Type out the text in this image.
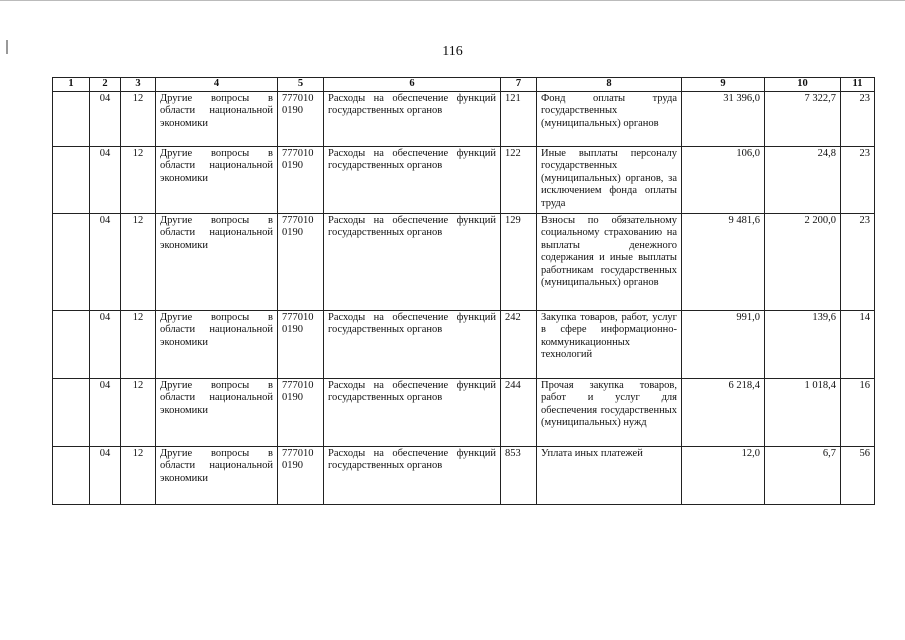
116
1	2	3	4	5	6	7	8	9	10	11
	04	12	Другие вопросы в области национальной экономики	777010 0190	Расходы на обеспечение функций государственных органов	121	Фонд оплаты труда государственных (муниципальных) органов	31 396,0	7 322,7	23
	04	12	Другие вопросы в области национальной экономики	777010 0190	Расходы на обеспечение функций государственных органов	122	Иные выплаты персоналу государственных (муниципальных) органов, за исключением фонда оплаты труда	106,0	24,8	23
	04	12	Другие вопросы в области национальной экономики	777010 0190	Расходы на обеспечение функций государственных органов	129	Взносы по обязательному социальному страхованию на выплаты денежного содержания и иные выплаты работникам государственных (муниципальных) органов	9 481,6	2 200,0	23
	04	12	Другие вопросы в области национальной экономики	777010 0190	Расходы на обеспечение функций государственных органов	242	Закупка товаров, работ, услуг в сфере информационно-коммуникационных технологий	991,0	139,6	14
	04	12	Другие вопросы в области национальной экономики	777010 0190	Расходы на обеспечение функций государственных органов	244	Прочая закупка товаров, работ и услуг для обеспечения государственных (муниципальных) нужд	6 218,4	1 018,4	16
	04	12	Другие вопросы в области национальной экономики	777010 0190	Расходы на обеспечение функций государственных органов	853	Уплата иных платежей	12,0	6,7	56
